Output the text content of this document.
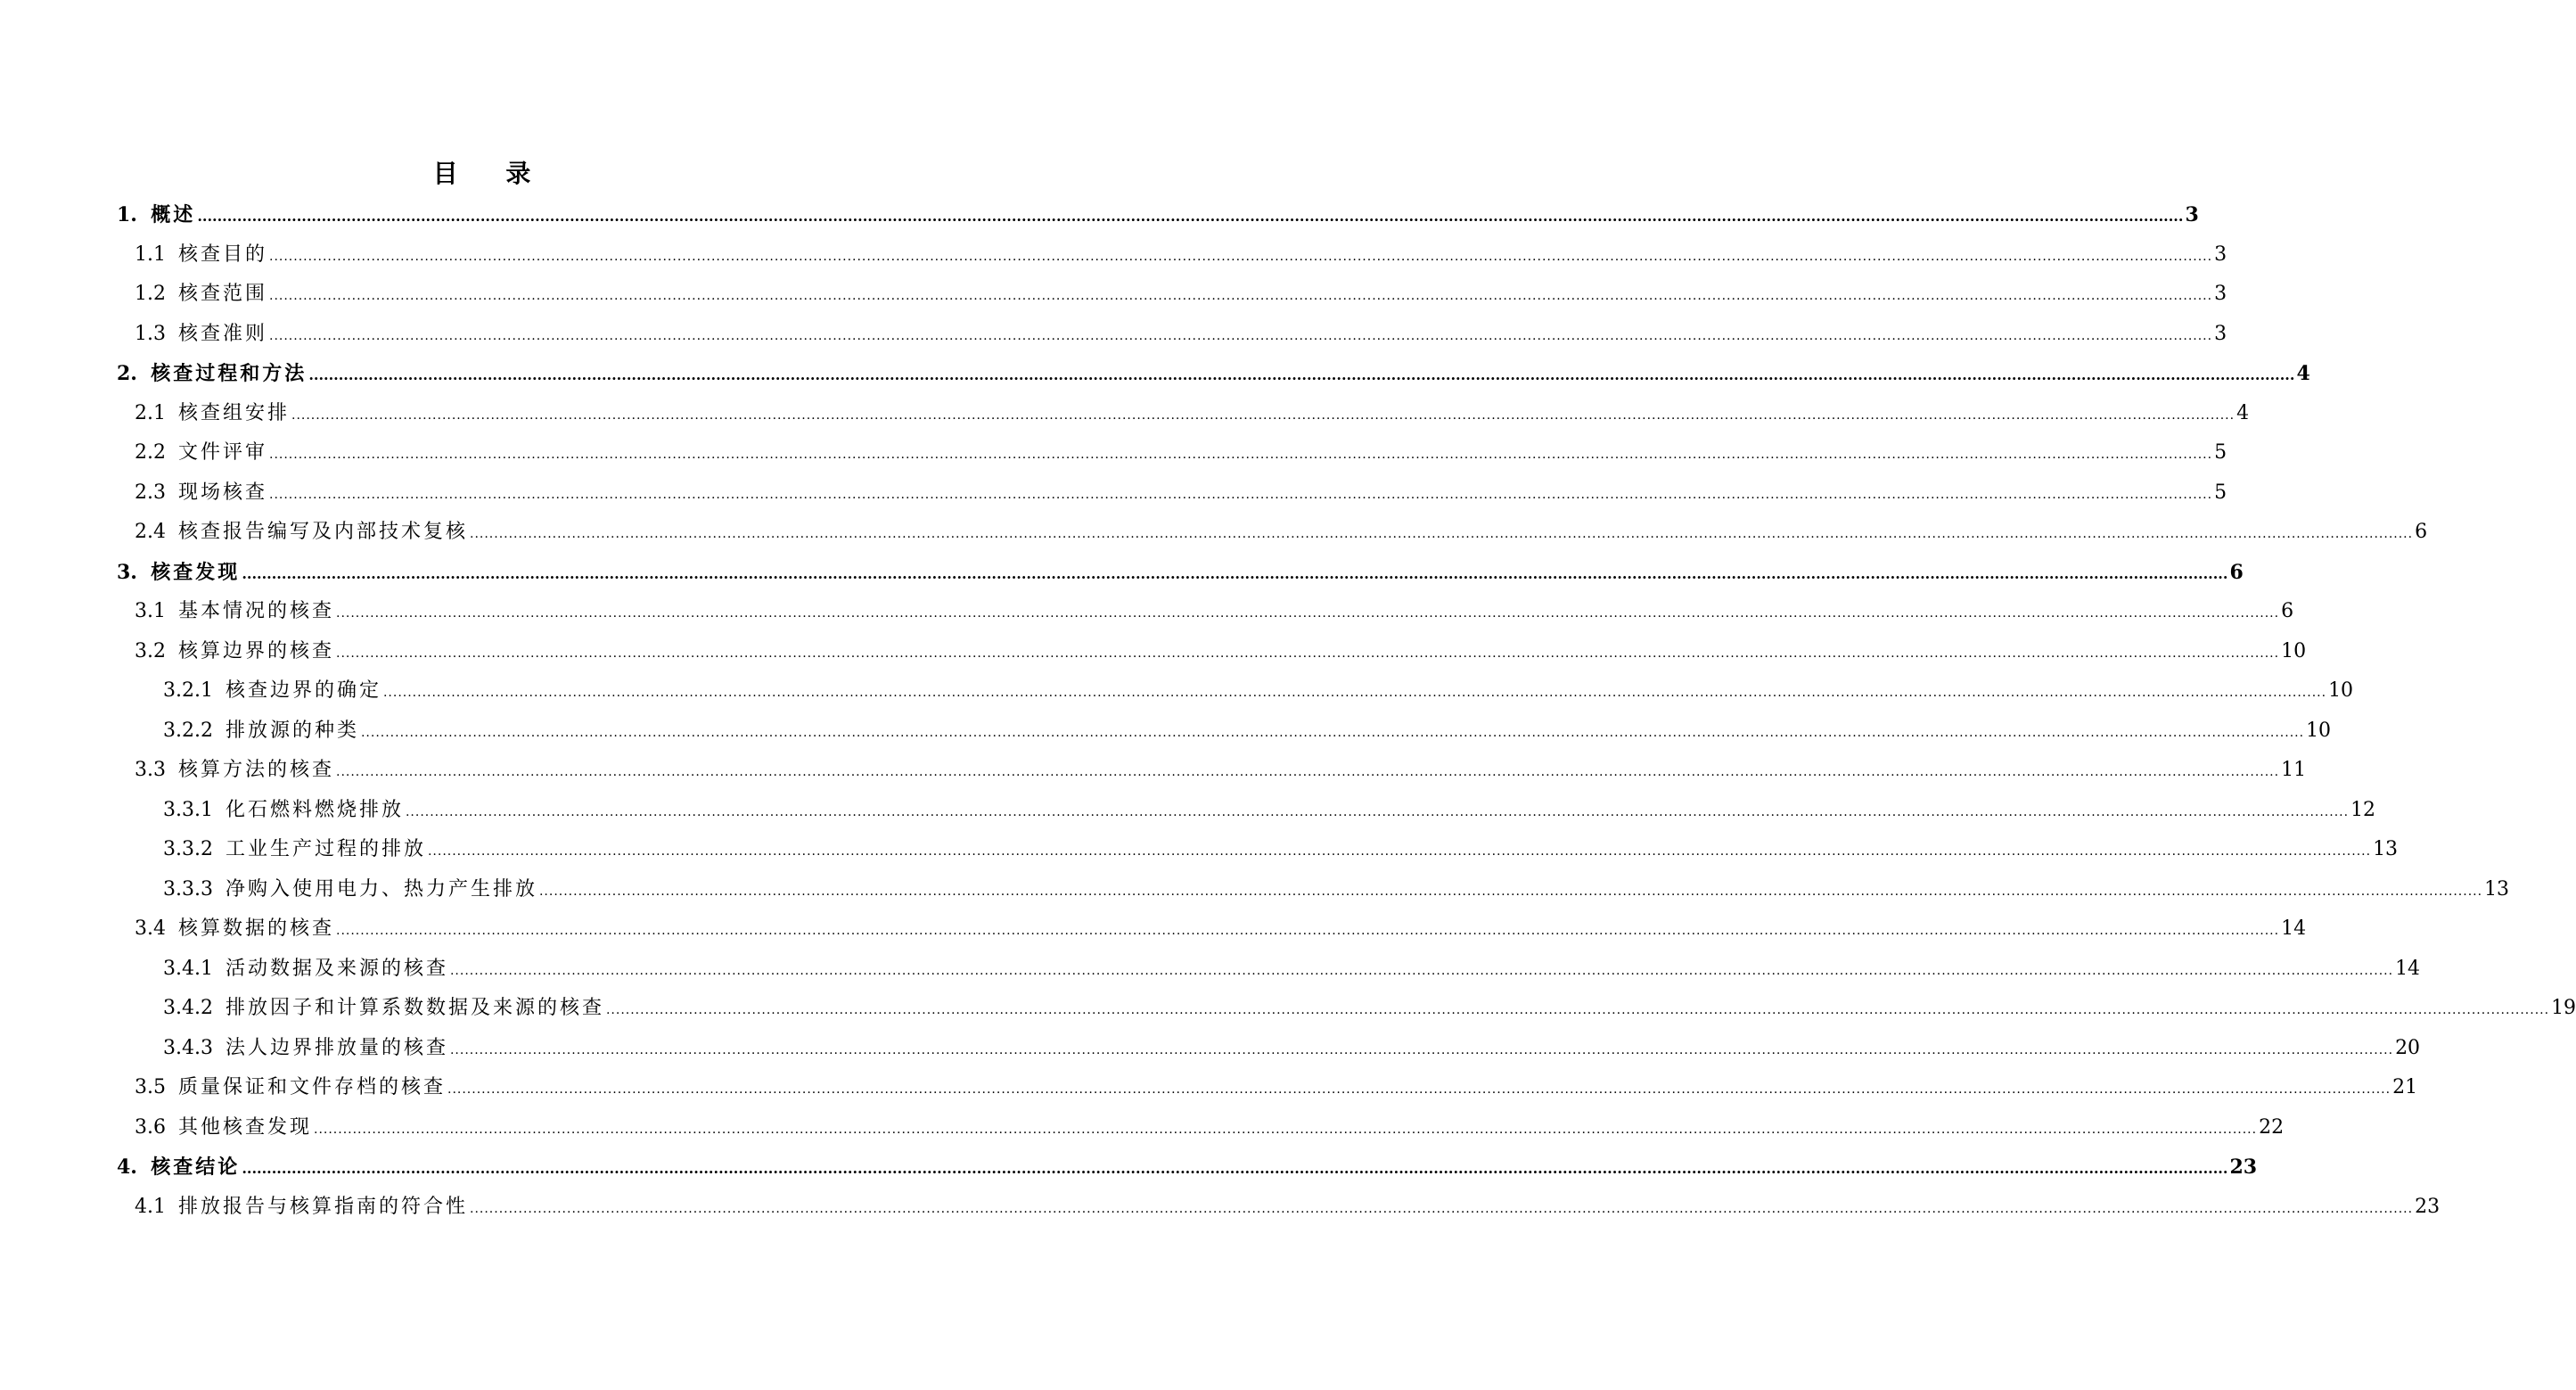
目 录
1. 概述 ................................................................................................................................................................................................................................................................................................................................................................................................................ 3
1.1 核查目的 ................................................................................................................................................................................................................................................................................................................................................................................................................ 3
1.2 核查范围 ................................................................................................................................................................................................................................................................................................................................................................................................................ 3
1.3 核查准则 ................................................................................................................................................................................................................................................................................................................................................................................................................ 3
2. 核查过程和方法 ................................................................................................................................................................................................................................................................................................................................................................................................................ 4
2.1 核查组安排 ................................................................................................................................................................................................................................................................................................................................................................................................................ 4
2.2 文件评审 ................................................................................................................................................................................................................................................................................................................................................................................................................ 5
2.3 现场核查 ................................................................................................................................................................................................................................................................................................................................................................................................................ 5
2.4 核查报告编写及内部技术复核 ................................................................................................................................................................................................................................................................................................................................................................................................................ 6
3. 核查发现 ................................................................................................................................................................................................................................................................................................................................................................................................................ 6
3.1 基本情况的核查 ................................................................................................................................................................................................................................................................................................................................................................................................................ 6
3.2 核算边界的核查 ................................................................................................................................................................................................................................................................................................................................................................................................................ 10
3.2.1 核查边界的确定 ................................................................................................................................................................................................................................................................................................................................................................................................................ 10
3.2.2 排放源的种类 ................................................................................................................................................................................................................................................................................................................................................................................................................ 10
3.3 核算方法的核查 ................................................................................................................................................................................................................................................................................................................................................................................................................ 11
3.3.1 化石燃料燃烧排放 ................................................................................................................................................................................................................................................................................................................................................................................................................ 12
3.3.2 工业生产过程的排放 ................................................................................................................................................................................................................................................................................................................................................................................................................ 13
3.3.3 净购入使用电力、热力产生排放 ................................................................................................................................................................................................................................................................................................................................................................................................................ 13
3.4 核算数据的核查 ................................................................................................................................................................................................................................................................................................................................................................................................................ 14
3.4.1 活动数据及来源的核查 ................................................................................................................................................................................................................................................................................................................................................................................................................ 14
3.4.2 排放因子和计算系数数据及来源的核查 ................................................................................................................................................................................................................................................................................................................................................................................................................ 19
3.4.3 法人边界排放量的核查 ................................................................................................................................................................................................................................................................................................................................................................................................................ 20
3.5 质量保证和文件存档的核查 ................................................................................................................................................................................................................................................................................................................................................................................................................ 21
3.6 其他核查发现 ................................................................................................................................................................................................................................................................................................................................................................................................................ 22
4. 核查结论 ................................................................................................................................................................................................................................................................................................................................................................................................................ 23
4.1 排放报告与核算指南的符合性 ................................................................................................................................................................................................................................................................................................................................................................................................................ 23
